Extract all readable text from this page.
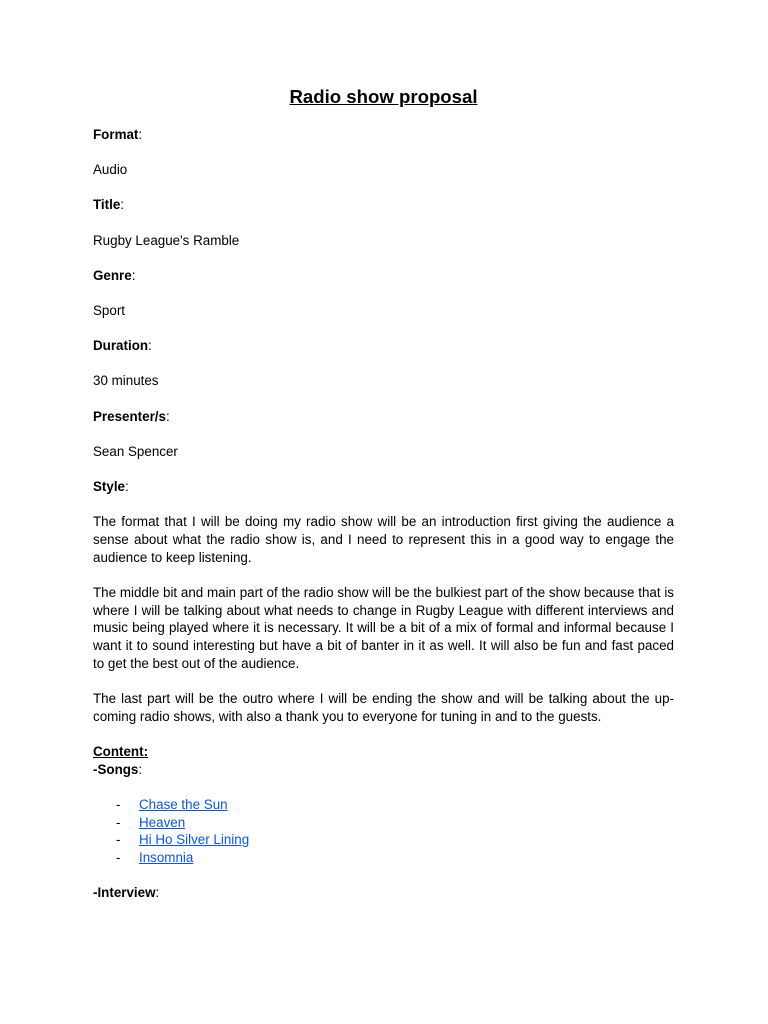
Radio show proposal
Format:
Audio
Title:
Rugby League's Ramble
Genre:
Sport
Duration:
30 minutes
Presenter/s:
Sean Spencer
Style:

The format that I will be doing my radio show will be an introduction first giving the audience a sense about what the radio show is, and I need to represent this in a good way to engage the audience to keep listening.

The middle bit and main part of the radio show will be the bulkiest part of the show because that is where I will be talking about what needs to change in Rugby League with different interviews and music being played where it is necessary. It will be a bit of a mix of formal and informal because I want it to sound interesting but have a bit of banter in it as well. It will also be fun and fast paced to get the best out of the audience.

The last part will be the outro where I will be ending the show and will be talking about the up-coming radio shows, with also a thank you to everyone for tuning in and to the guests.

Content:
-Songs:
- Chase the Sun
- Heaven
- Hi Ho Silver Lining
- Insomnia
-Interview:
